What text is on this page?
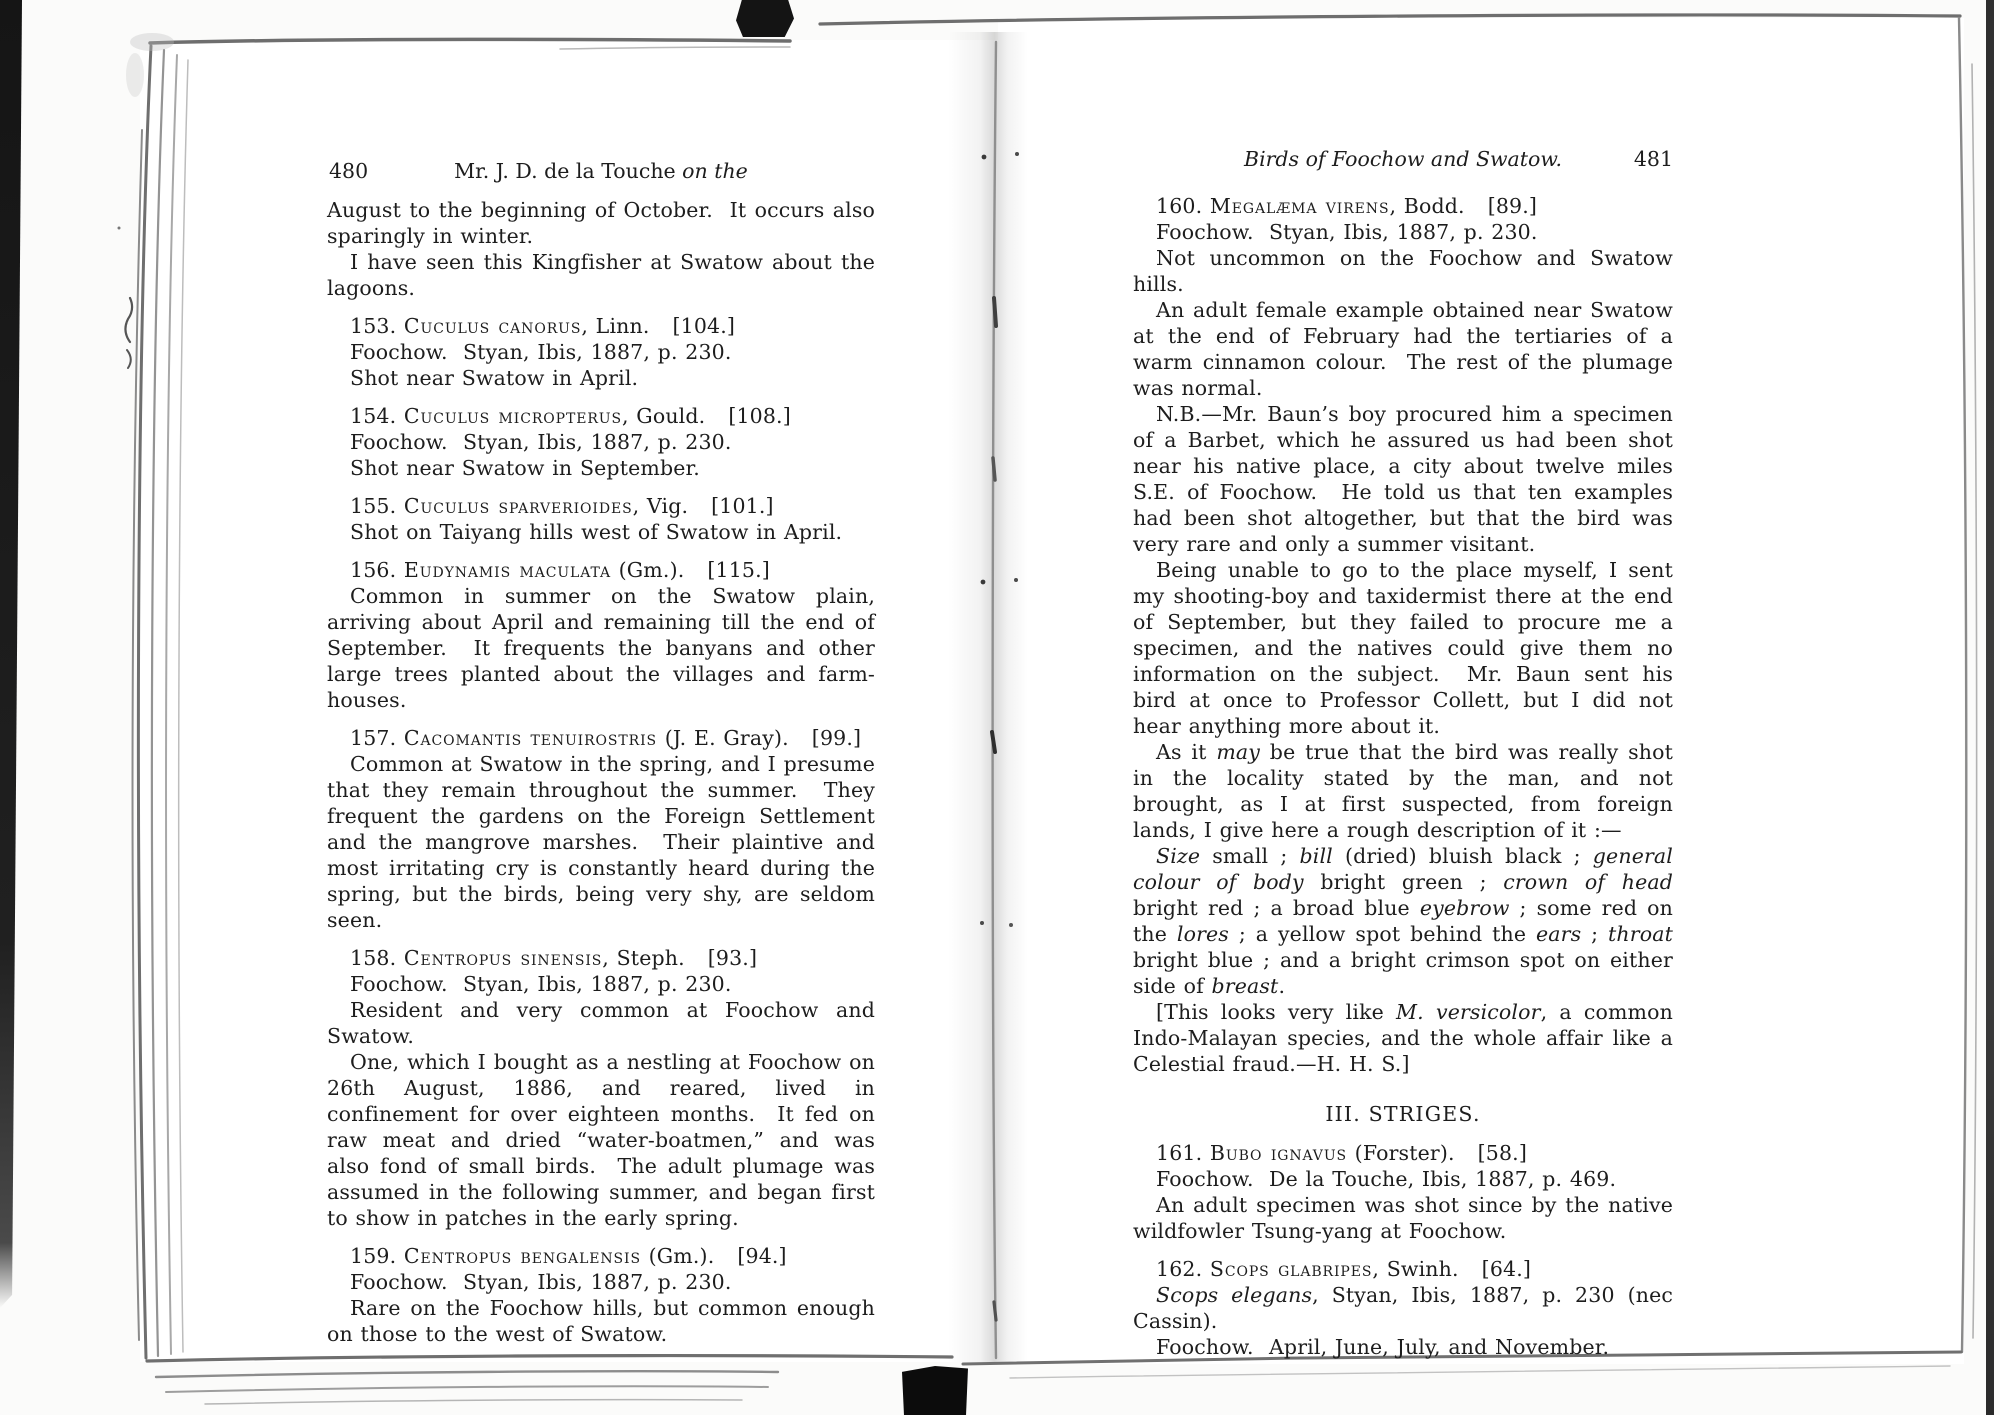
480	Mr. J. D. de la Touche on the

August to the beginning of October.  It occurs also sparingly in winter.

I have seen this Kingfisher at Swatow about the lagoons.

153. Cuculus canorus, Linn.   [104.]

Foochow.  Styan, Ibis, 1887, p. 230.

Shot near Swatow in April.

154. Cuculus micropterus, Gould.   [108.]

Foochow.  Styan, Ibis, 1887, p. 230.

Shot near Swatow in September.

155. Cuculus sparverioides, Vig.   [101.]

Shot on Taiyang hills west of Swatow in April.

156. Eudynamis maculata (Gm.).   [115.]

Common in summer on the Swatow plain, arriving about April and remaining till the end of September.  It frequents the banyans and other large trees planted about the villages and farm-houses.

157. Cacomantis tenuirostris (J. E. Gray).   [99.]

Common at Swatow in the spring, and I presume that they remain throughout the summer.  They frequent the gardens on the Foreign Settlement and the mangrove marshes.  Their plaintive and most irritating cry is constantly heard during the spring, but the birds, being very shy, are seldom seen.

158. Centropus sinensis, Steph.   [93.]

Foochow.  Styan, Ibis, 1887, p. 230.

Resident and very common at Foochow and Swatow.

One, which I bought as a nestling at Foochow on 26th August, 1886, and reared, lived in confinement for over eighteen months.  It fed on raw meat and dried “water-boatmen,” and was also fond of small birds.  The adult plumage was assumed in the following summer, and began first to show in patches in the early spring.

159. Centropus bengalensis (Gm.).   [94.]

Foochow.  Styan, Ibis, 1887, p. 230.

Rare on the Foochow hills, but common enough on those to the west of Swatow.

Birds of Foochow and Swatow.	481

160. Megalæma virens, Bodd.   [89.]

Foochow.  Styan, Ibis, 1887, p. 230.

Not uncommon on the Foochow and Swatow hills.

An adult female example obtained near Swatow at the end of February had the tertiaries of a warm cinnamon colour.  The rest of the plumage was normal.

N.B.—Mr. Baun’s boy procured him a specimen of a Barbet, which he assured us had been shot near his native place, a city about twelve miles S.E. of Foochow.  He told us that ten examples had been shot altogether, but that the bird was very rare and only a summer visitant.

Being unable to go to the place myself, I sent my shooting-boy and taxidermist there at the end of September, but they failed to procure me a specimen, and the natives could give them no information on the subject.  Mr. Baun sent his bird at once to Professor Collett, but I did not hear anything more about it.

As it may be true that the bird was really shot in the locality stated by the man, and not brought, as I at first suspected, from foreign lands, I give here a rough description of it :—

Size small ; bill (dried) bluish black ; general colour of body bright green ; crown of head bright red ; a broad blue eyebrow ; some red on the lores ; a yellow spot behind the ears ; throat bright blue ; and a bright crimson spot on either side of breast.

[This looks very like M. versicolor, a common Indo-Malayan species, and the whole affair like a Celestial fraud.—H. H. S.]

III. STRIGES.

161. Bubo ignavus (Forster).   [58.]

Foochow.  De la Touche, Ibis, 1887, p. 469.

An adult specimen was shot since by the native wildfowler Tsung-yang at Foochow.

162. Scops glabripes, Swinh.   [64.]

Scops elegans, Styan, Ibis, 1887, p. 230 (nec Cassin).

Foochow.  April, June, July, and November.
